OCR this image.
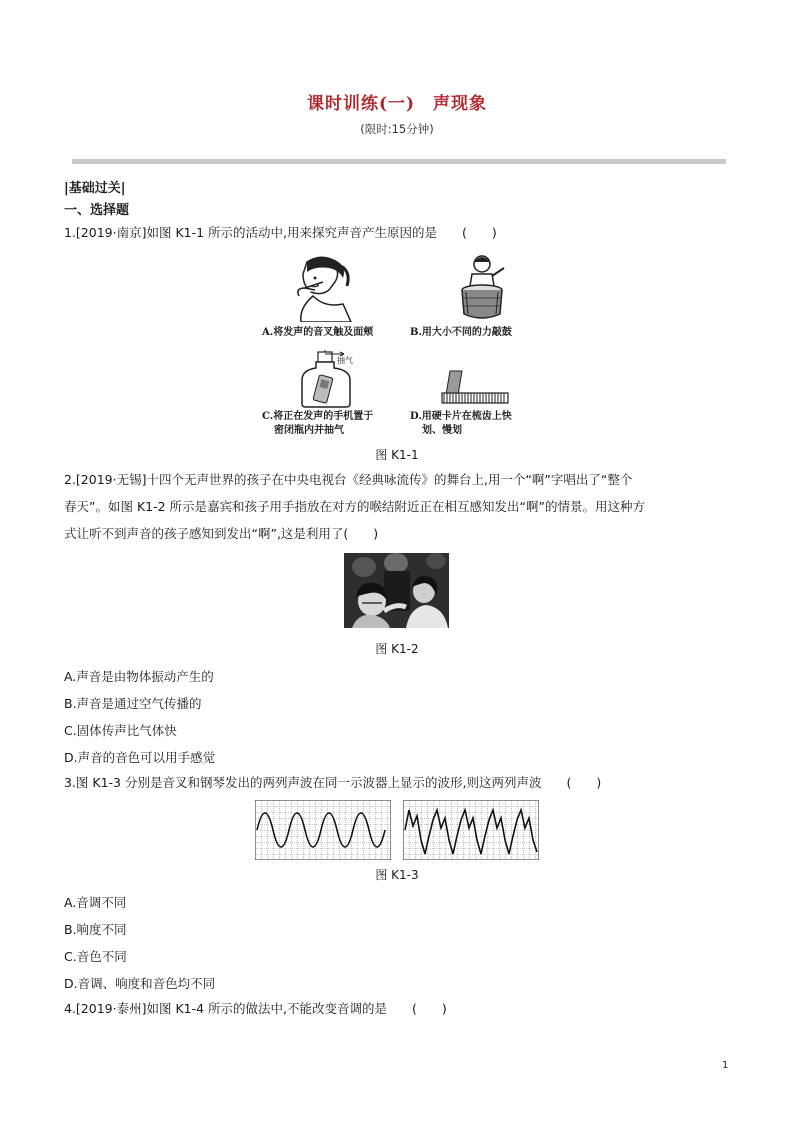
课时训练(一)　声现象
(限时:15分钟)
|基础过关|
一、选择题
1.[2019·南京]如图 K1-1 所示的活动中,用来探究声音产生原因的是　　(　　)
A.将发声的音叉触及面颊	B.用大小不同的力敲鼓
抽气
C.将正在发声的手机置于
密闭瓶内并抽气
D.用硬卡片在梳齿上快
划、慢划
图 K1-1
2.[2019·无锡]十四个无声世界的孩子在中央电视台《经典咏流传》的舞台上,用一个“啊”字唱出了“整个
春天”。如图 K1-2 所示是嘉宾和孩子用手指放在对方的喉结附近正在相互感知发出“啊”的情景。用这种方
式让听不到声音的孩子感知到发出“啊”,这是利用了(　　)
图 K1-2
A.声音是由物体振动产生的
B.声音是通过空气传播的
C.固体传声比气体快
D.声音的音色可以用手感觉
3.图 K1-3 分别是音叉和钢琴发出的两列声波在同一示波器上显示的波形,则这两列声波　　(　　)
图 K1-3
A.音调不同
B.响度不同
C.音色不同
D.音调、响度和音色均不同
4.[2019·泰州]如图 K1-4 所示的做法中,不能改变音调的是　　(　　)
1
